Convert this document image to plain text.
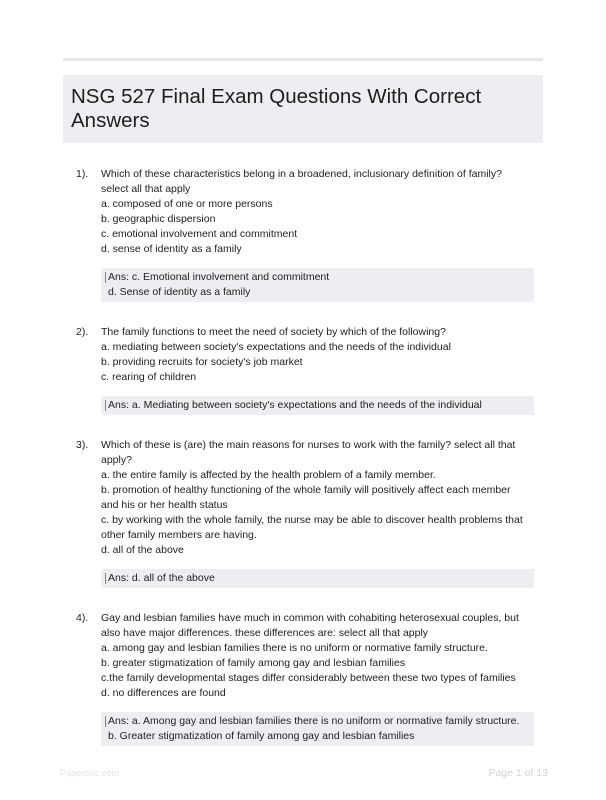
NSG 527 Final Exam Questions With Correct
Answers
1). Which of these characteristics belong in a broadened, inclusionary definition of family?
select all that apply
a. composed of one or more persons
b. geographic dispersion
c. emotional involvement and commitment
d. sense of identity as a family
Ans: c. Emotional involvement and commitment
d. Sense of identity as a family
2). The family functions to meet the need of society by which of the following?
a. mediating between society's expectations and the needs of the individual
b. providing recruits for society's job market
c. rearing of children
Ans: a. Mediating between society's expectations and the needs of the individual
3). Which of these is (are) the main reasons for nurses to work with the family? select all that
apply?
a. the entire family is affected by the health problem of a family member.
b. promotion of healthy functioning of the whole family will positively affect each member
and his or her health status
c. by working with the whole family, the nurse may be able to discover health problems that
other family members are having.
d. all of the above
Ans: d. all of the above
4). Gay and lesbian families have much in common with cohabiting heterosexual couples, but
also have major differences. these differences are: select all that apply
a. among gay and lesbian families there is no uniform or normative family structure.
b. greater stigmatization of family among gay and lesbian families
c.the family developmental stages differ considerably between these two types of families
d. no differences are found
Ans: a. Among gay and lesbian families there is no uniform or normative family structure.
b. Greater stigmatization of family among gay and lesbian families
Paperbliic.com	Page 1 of 13
